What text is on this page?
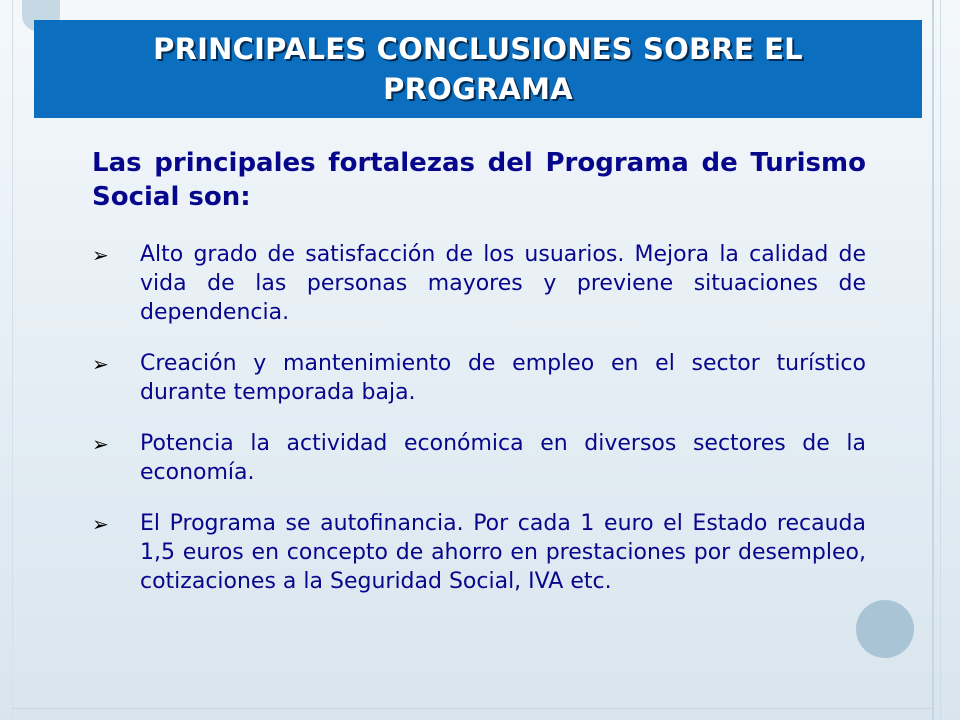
PRINCIPALES CONCLUSIONES SOBRE EL PROGRAMA

Las principales fortalezas del Programa de Turismo Social son:

➢	Alto grado de satisfacción de los usuarios. Mejora la calidad de vida de las personas mayores y previene situaciones de dependencia.
➢	Creación y mantenimiento de empleo en el sector turístico durante temporada baja.
➢	Potencia la actividad económica en diversos sectores de la economía.
➢	El Programa se autofinancia. Por cada 1 euro el Estado recauda 1,5 euros en concepto de ahorro en prestaciones por desempleo, cotizaciones a la Seguridad Social, IVA etc.
